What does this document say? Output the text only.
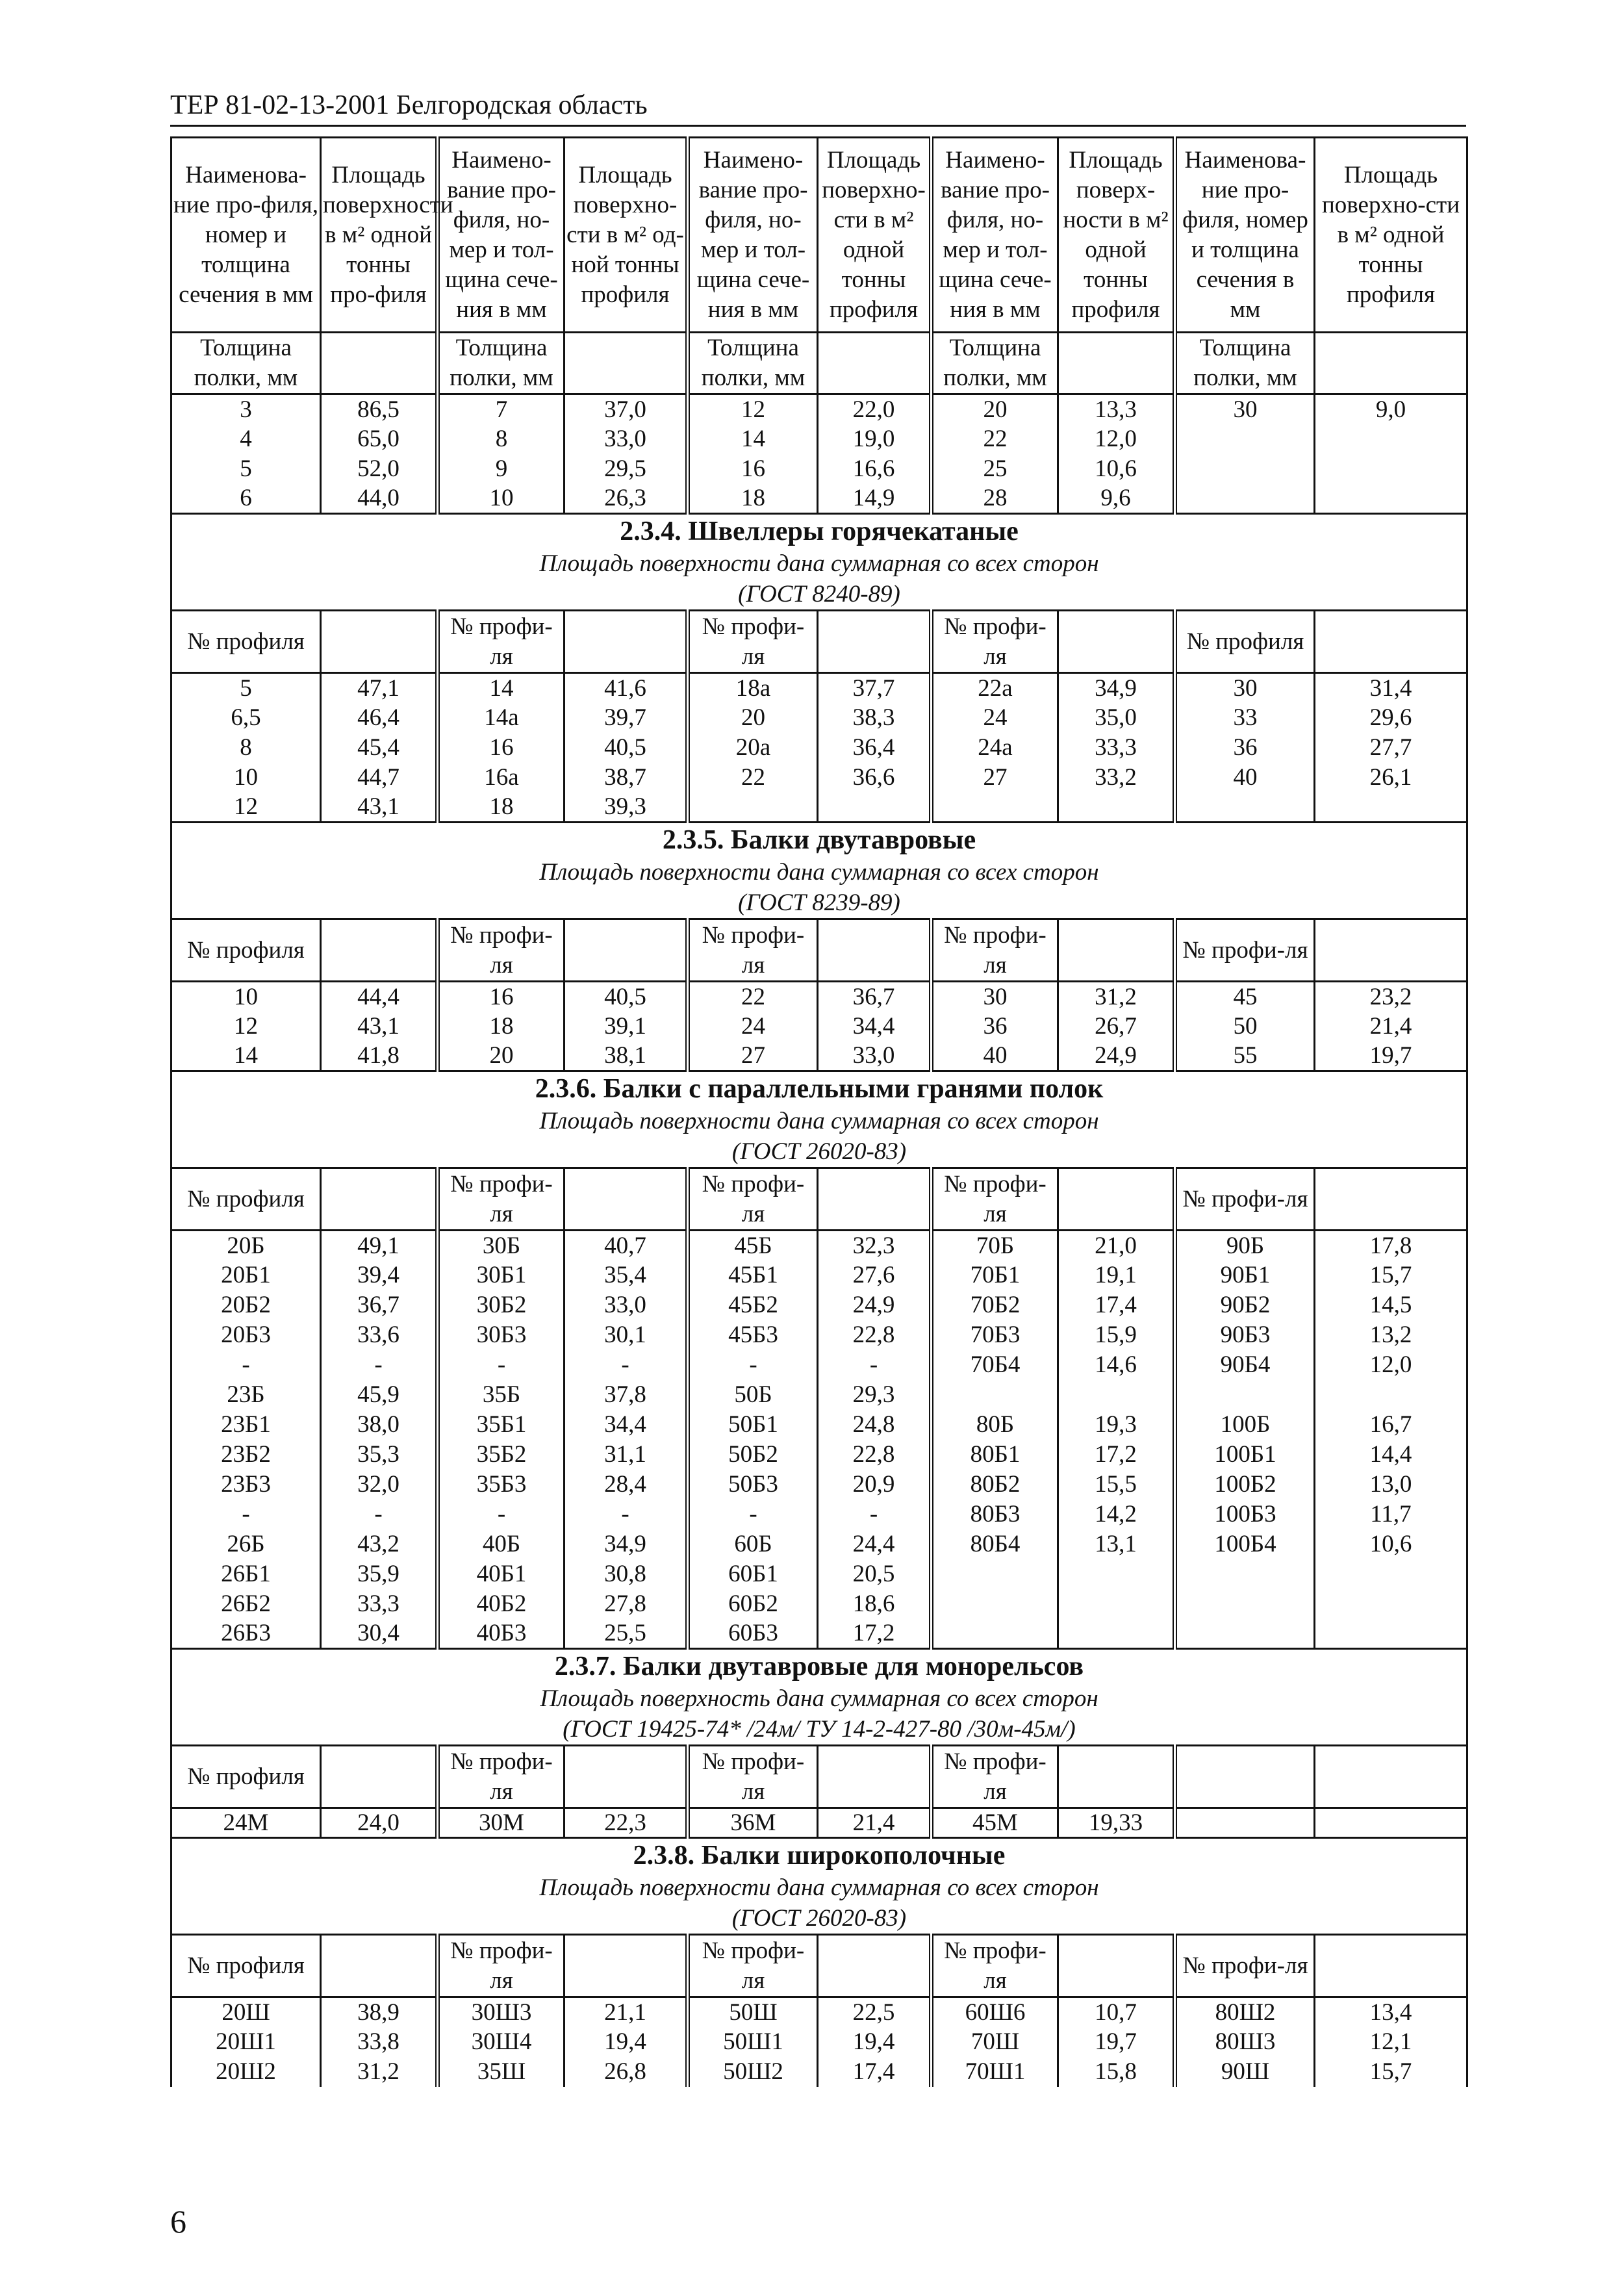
ТЕР 81-02-13-2001 Белгородская область
Наименова-ние про-филя, номер и толщина сечения в мм	Площадь поверхности в м² одной тонны про-филя	Наимено-вание про-филя, но-мер и тол-щина сече-ния в мм	Площадь поверхно-сти в м² од-ной тонны профиля	Наимено-вание про-филя, но-мер и тол-щина сече-ния в мм	Площадь поверхно-сти в м² одной тонны профиля	Наимено-вание про-филя, но-мер и тол-щина сече-ния в мм	Площадь поверх-ности в м² одной тонны профиля	Наименова-ние про-филя, номер и толщина сечения в мм	Площадь поверхно-сти в м² одной тонны профиля
Толщина полки, мм		Толщина полки, мм		Толщина полки, мм		Толщина полки, мм		Толщина полки, мм	
3	86,5	7	37,0	12	22,0	20	13,3	30	9,0
4	65,0	8	33,0	14	19,0	22	12,0		
5	52,0	9	29,5	16	16,6	25	10,6		
6	44,0	10	26,3	18	14,9	28	9,6		

2.3.4. Швеллеры горячекатаные
Площадь поверхности дана суммарная со всех сторон
(ГОСТ 8240-89)									

№ профиля		№ профи-ля		№ профи-ля		№ профи-ля		№ профиля	
5	47,1	14	41,6	18а	37,7	22а	34,9	30	31,4
6,5	46,4	14а	39,7	20	38,3	24	35,0	33	29,6
8	45,4	16	40,5	20а	36,4	24а	33,3	36	27,7
10	44,7	16а	38,7	22	36,6	27	33,2	40	26,1
12	43,1	18	39,3						

2.3.5. Балки двутавровые
Площадь поверхности дана суммарная со всех сторон
(ГОСТ 8239-89)									

№ профиля		№ профи-ля		№ профи-ля		№ профи-ля		№ профи-ля	
10	44,4	16	40,5	22	36,7	30	31,2	45	23,2
12	43,1	18	39,1	24	34,4	36	26,7	50	21,4
14	41,8	20	38,1	27	33,0	40	24,9	55	19,7

2.3.6. Балки с параллельными гранями полок
Площадь поверхности дана суммарная со всех сторон
(ГОСТ 26020-83)									

№ профиля		№ профи-ля		№ профи-ля		№ профи-ля		№ профи-ля	
20Б	49,1	30Б	40,7	45Б	32,3	70Б	21,0	90Б	17,8
20Б1	39,4	30Б1	35,4	45Б1	27,6	70Б1	19,1	90Б1	15,7
20Б2	36,7	30Б2	33,0	45Б2	24,9	70Б2	17,4	90Б2	14,5
20Б3	33,6	30Б3	30,1	45Б3	22,8	70Б3	15,9	90Б3	13,2
-	-	-	-	-	-	70Б4	14,6	90Б4	12,0
23Б	45,9	35Б	37,8	50Б	29,3				
23Б1	38,0	35Б1	34,4	50Б1	24,8	80Б	19,3	100Б	16,7
23Б2	35,3	35Б2	31,1	50Б2	22,8	80Б1	17,2	100Б1	14,4
23Б3	32,0	35Б3	28,4	50Б3	20,9	80Б2	15,5	100Б2	13,0
-	-	-	-	-	-	80Б3	14,2	100Б3	11,7
26Б	43,2	40Б	34,9	60Б	24,4	80Б4	13,1	100Б4	10,6
26Б1	35,9	40Б1	30,8	60Б1	20,5				
26Б2	33,3	40Б2	27,8	60Б2	18,6				
26Б3	30,4	40Б3	25,5	60Б3	17,2				

2.3.7. Балки двутавровые для монорельсов
Площадь поверхность дана суммарная со всех сторон
(ГОСТ 19425-74* /24м/ ТУ 14-2-427-80 /30м-45м/)									

№ профиля		№ профи-ля		№ профи-ля		№ профи-ля			
24М	24,0	30М	22,3	36М	21,4	45М	19,33		

2.3.8. Балки широкополочные
Площадь поверхности дана суммарная со всех сторон
(ГОСТ 26020-83)									

№ профиля		№ профи-ля		№ профи-ля		№ профи-ля		№ профи-ля	
20Ш	38,9	30Ш3	21,1	50Ш	22,5	60Ш6	10,7	80Ш2	13,4
20Ш1	33,8	30Ш4	19,4	50Ш1	19,4	70Ш	19,7	80Ш3	12,1
20Ш2	31,2	35Ш	26,8	50Ш2	17,4	70Ш1	15,8	90Ш	15,7
6
